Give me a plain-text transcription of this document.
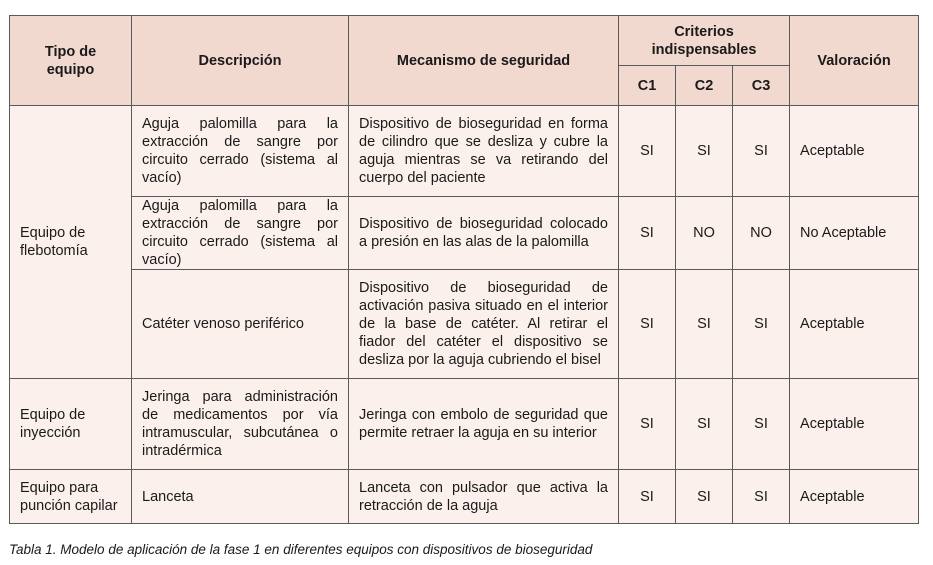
Tipo de equipo	Descripción	Mecanismo de seguridad	Criterios indispensables			Valoración
			C1	C2	C3	
Equipo de flebotomía	Aguja palomilla para la extracción de sangre por circuito cerrado (sistema al vacío)	Dispositivo de bioseguridad en forma de cilindro que se desliza y cubre la aguja mientras se va retirando del cuerpo del paciente	SI	SI	SI	Aceptable
	Aguja palomilla para la extracción de sangre por circuito cerrado (sistema al vacío)	Dispositivo de bioseguridad colocado a presión en las alas de la palomilla	SI	NO	NO	No Aceptable
	Catéter venoso periférico	Dispositivo de bioseguridad de activación pasiva situado en el interior de la base de catéter. Al retirar el fiador del catéter el dispositivo se desliza por la aguja cubriendo el bisel	SI	SI	SI	Aceptable
Equipo de inyección	Jeringa para administración de medicamentos por vía intramuscular, subcutánea o intradérmica	Jeringa con embolo de seguridad que permite retraer la aguja en su interior	SI	SI	SI	Aceptable
Equipo para punción capilar	Lanceta	Lanceta con pulsador que activa la retracción de la aguja	SI	SI	SI	Aceptable
Tabla 1. Modelo de aplicación de la fase 1 en diferentes equipos con dispositivos de bioseguridad
